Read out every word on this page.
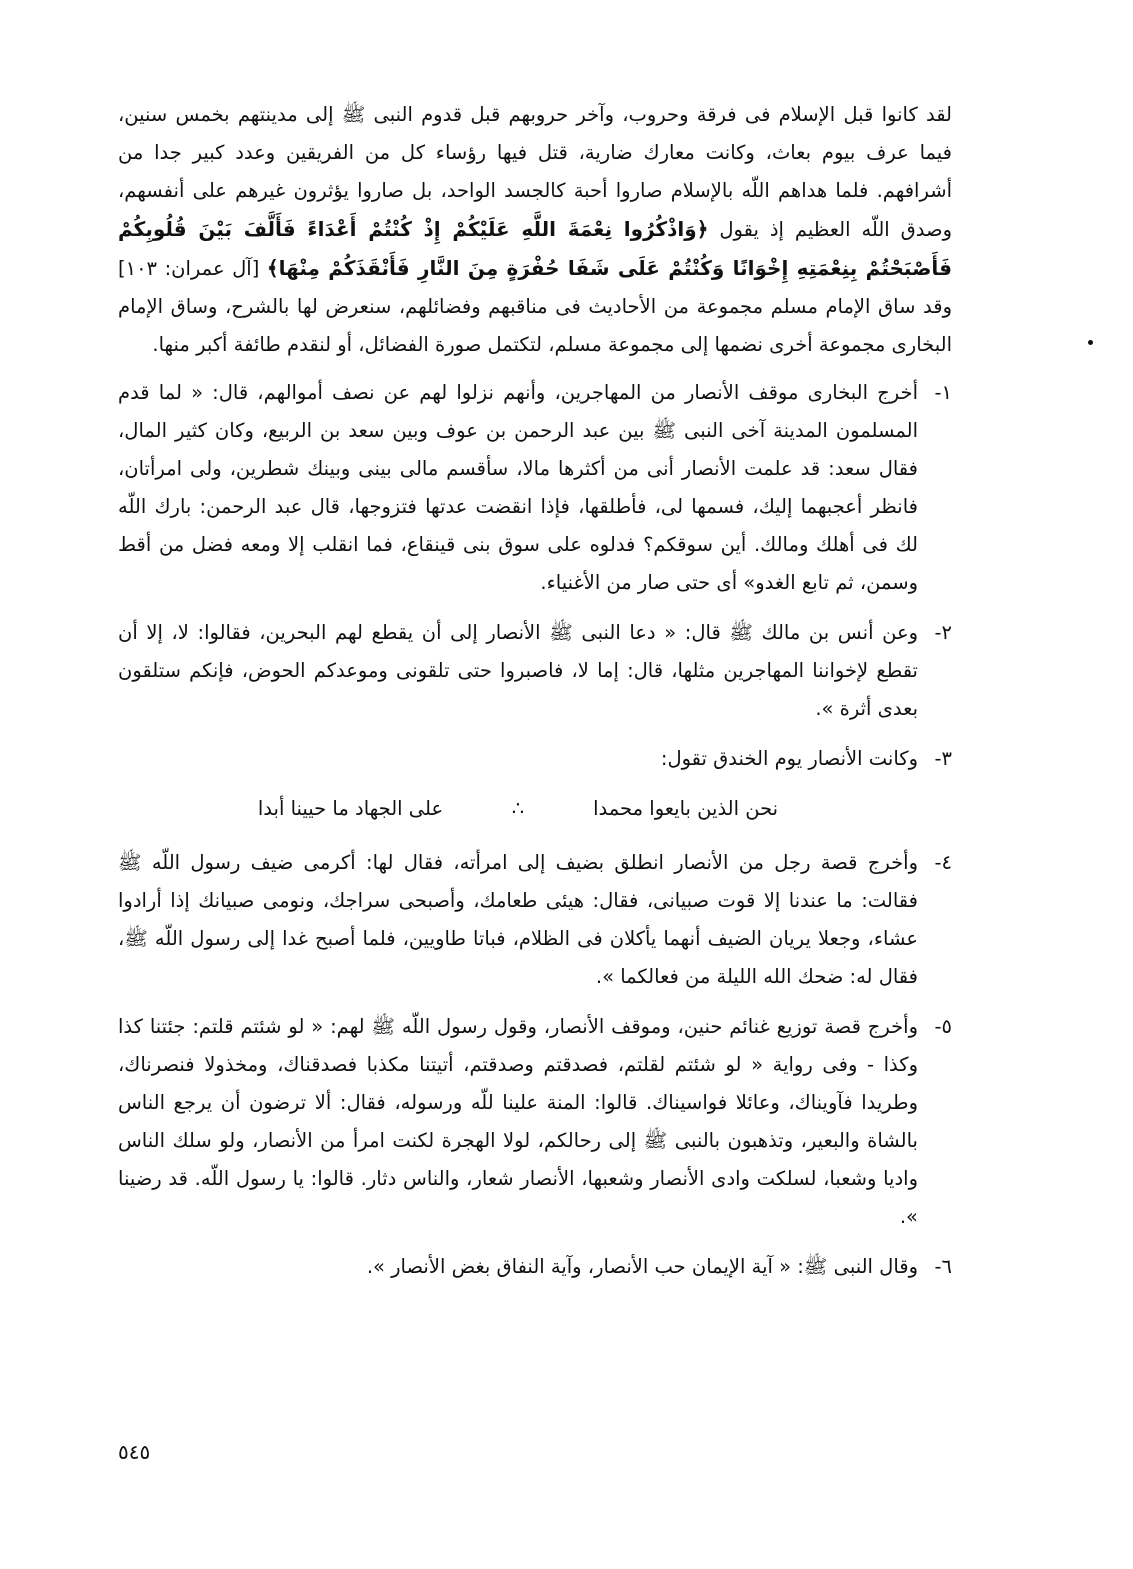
لقد كانوا قبل الإسلام فى فرقة وحروب، وآخر حروبهم قبل قدوم النبى ﷺ إلى مدينتهم بخمس سنين، فيما عرف بيوم بعاث، وكانت معارك ضارية، قتل فيها رؤساء كل من الفريقين وعدد كبير جدا من أشرافهم. فلما هداهم اللّه بالإسلام صاروا أحبة كالجسد الواحد، بل صاروا يؤثرون غيرهم على أنفسهم، وصدق اللّه العظيم إذ يقول ﴿وَاذْكُرُوا نِعْمَةَ اللَّهِ عَلَيْكُمْ إِذْ كُنْتُمْ أَعْدَاءً فَأَلَّفَ بَيْنَ قُلُوبِكُمْ فَأَصْبَحْتُمْ بِنِعْمَتِهِ إِخْوَانًا وَكُنْتُمْ عَلَى شَفَا حُفْرَةٍ مِنَ النَّارِ فَأَنْقَذَكُمْ مِنْهَا﴾ [آل عمران: ١٠٣] وقد ساق الإمام مسلم مجموعة من الأحاديث فى مناقبهم وفضائلهم، سنعرض لها بالشرح، وساق الإمام البخارى مجموعة أخرى نضمها إلى مجموعة مسلم، لتكتمل صورة الفضائل، أو لنقدم طائفة أكبر منها.

١-
أخرج البخارى موقف الأنصار من المهاجرين، وأنهم نزلوا لهم عن نصف أموالهم، قال: « لما قدم المسلمون المدينة آخى النبى ﷺ بين عبد الرحمن بن عوف وبين سعد بن الربيع، وكان كثير المال، فقال سعد: قد علمت الأنصار أنى من أكثرها مالا، سأقسم مالى بينى وبينك شطرين، ولى امرأتان، فانظر أعجبهما إليك، فسمها لى، فأطلقها، فإذا انقضت عدتها فتزوجها، قال عبد الرحمن: بارك اللّه لك فى أهلك ومالك. أين سوقكم؟ فدلوه على سوق بنى قينقاع، فما انقلب إلا ومعه فضل من أقط وسمن، ثم تابع الغدو» أى حتى صار من الأغنياء.
٢-
وعن أنس بن مالك ﷺ قال: « دعا النبى ﷺ الأنصار إلى أن يقطع لهم البحرين، فقالوا: لا، إلا أن تقطع لإخواننا المهاجرين مثلها، قال: إما لا، فاصبروا حتى تلقونى وموعدكم الحوض، فإنكم ستلقون بعدى أثرة ».
٣-
وكانت الأنصار يوم الخندق تقول:
نحن الذين بايعوا محمدا
∴
على الجهاد ما حيينا أبدا
٤-
وأخرج قصة رجل من الأنصار انطلق بضيف إلى امرأته، فقال لها: أكرمى ضيف رسول اللّه ﷺ فقالت: ما عندنا إلا قوت صبيانى، فقال: هيئى طعامك، وأصبحى سراجك، ونومى صبيانك إذا أرادوا عشاء، وجعلا يريان الضيف أنهما يأكلان فى الظلام، فباتا طاويين، فلما أصبح غدا إلى رسول اللّه ﷺ، فقال له: ضحك الله الليلة من فعالكما ».
٥-
وأخرج قصة توزيع غنائم حنين، وموقف الأنصار، وقول رسول اللّه ﷺ لهم: « لو شئتم قلتم: جئتنا كذا وكذا - وفى رواية « لو شئتم لقلتم، فصدقتم وصدقتم، أتيتنا مكذبا فصدقناك، ومخذولا فنصرناك، وطريدا فآويناك، وعائلا فواسيناك. قالوا: المنة علينا للّه ورسوله، فقال: ألا ترضون أن يرجع الناس بالشاة والبعير، وتذهبون بالنبى ﷺ إلى رحالكم، لولا الهجرة لكنت امرأ من الأنصار، ولو سلك الناس واديا وشعبا، لسلكت وادى الأنصار وشعبها، الأنصار شعار، والناس دثار. قالوا: يا رسول اللّه. قد رضينا ».
٦-
وقال النبى ﷺ: « آية الإيمان حب الأنصار، وآية النفاق بغض الأنصار ».
٥٤٥
